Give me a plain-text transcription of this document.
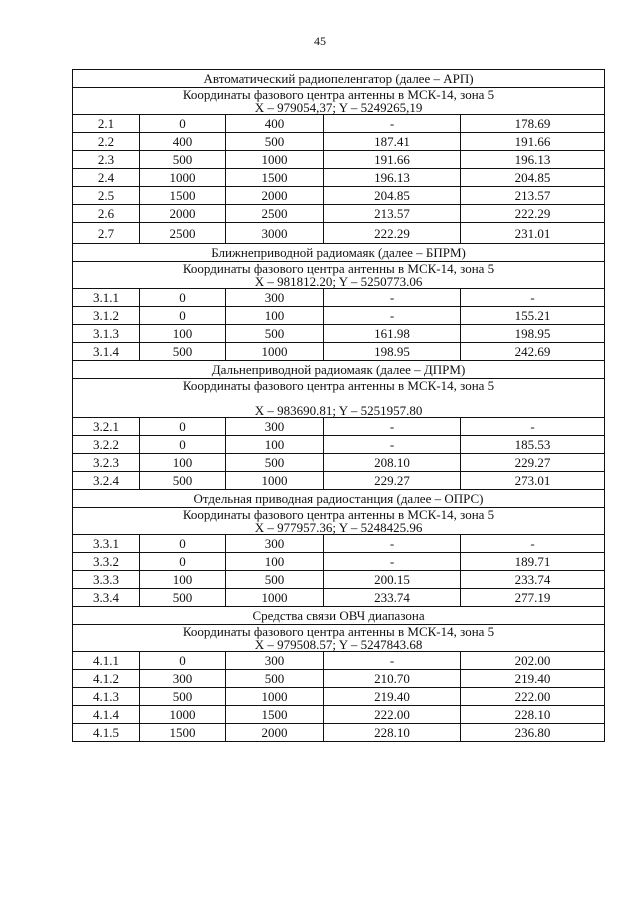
45
Автоматический радиопеленгатор (далее – АРП)				

Координаты фазового центра антенны в МСК-14, зона 5
X – 979054,37; Y – 5249265,19				

2.1	0	400	-	178.69
2.2	400	500	187.41	191.66
2.3	500	1000	191.66	196.13
2.4	1000	1500	196.13	204.85
2.5	1500	2000	204.85	213.57
2.6	2000	2500	213.57	222.29
2.7	2500	3000	222.29	231.01
Ближнеприводной радиомаяк (далее – БПРМ)				

Координаты фазового центра антенны в МСК-14, зона 5
X – 981812.20; Y – 5250773.06				

3.1.1	0	300	-	-
3.1.2	0	100	-	155.21
3.1.3	100	500	161.98	198.95
3.1.4	500	1000	198.95	242.69
Дальнеприводной радиомаяк (далее – ДПРМ)				

Координаты фазового центра антенны в МСК-14, зона 5
X – 983690.81; Y – 5251957.80				

3.2.1	0	300	-	-
3.2.2	0	100	-	185.53
3.2.3	100	500	208.10	229.27
3.2.4	500	1000	229.27	273.01
Отдельная приводная радиостанция (далее – ОПРС)				

Координаты фазового центра антенны в МСК-14, зона 5
X – 977957.36; Y – 5248425.96				

3.3.1	0	300	-	-
3.3.2	0	100	-	189.71
3.3.3	100	500	200.15	233.74
3.3.4	500	1000	233.74	277.19
Средства связи ОВЧ диапазона				

Координаты фазового центра антенны в МСК-14, зона 5
X – 979508.57; Y – 5247843.68				

4.1.1	0	300	-	202.00
4.1.2	300	500	210.70	219.40
4.1.3	500	1000	219.40	222.00
4.1.4	1000	1500	222.00	228.10
4.1.5	1500	2000	228.10	236.80
